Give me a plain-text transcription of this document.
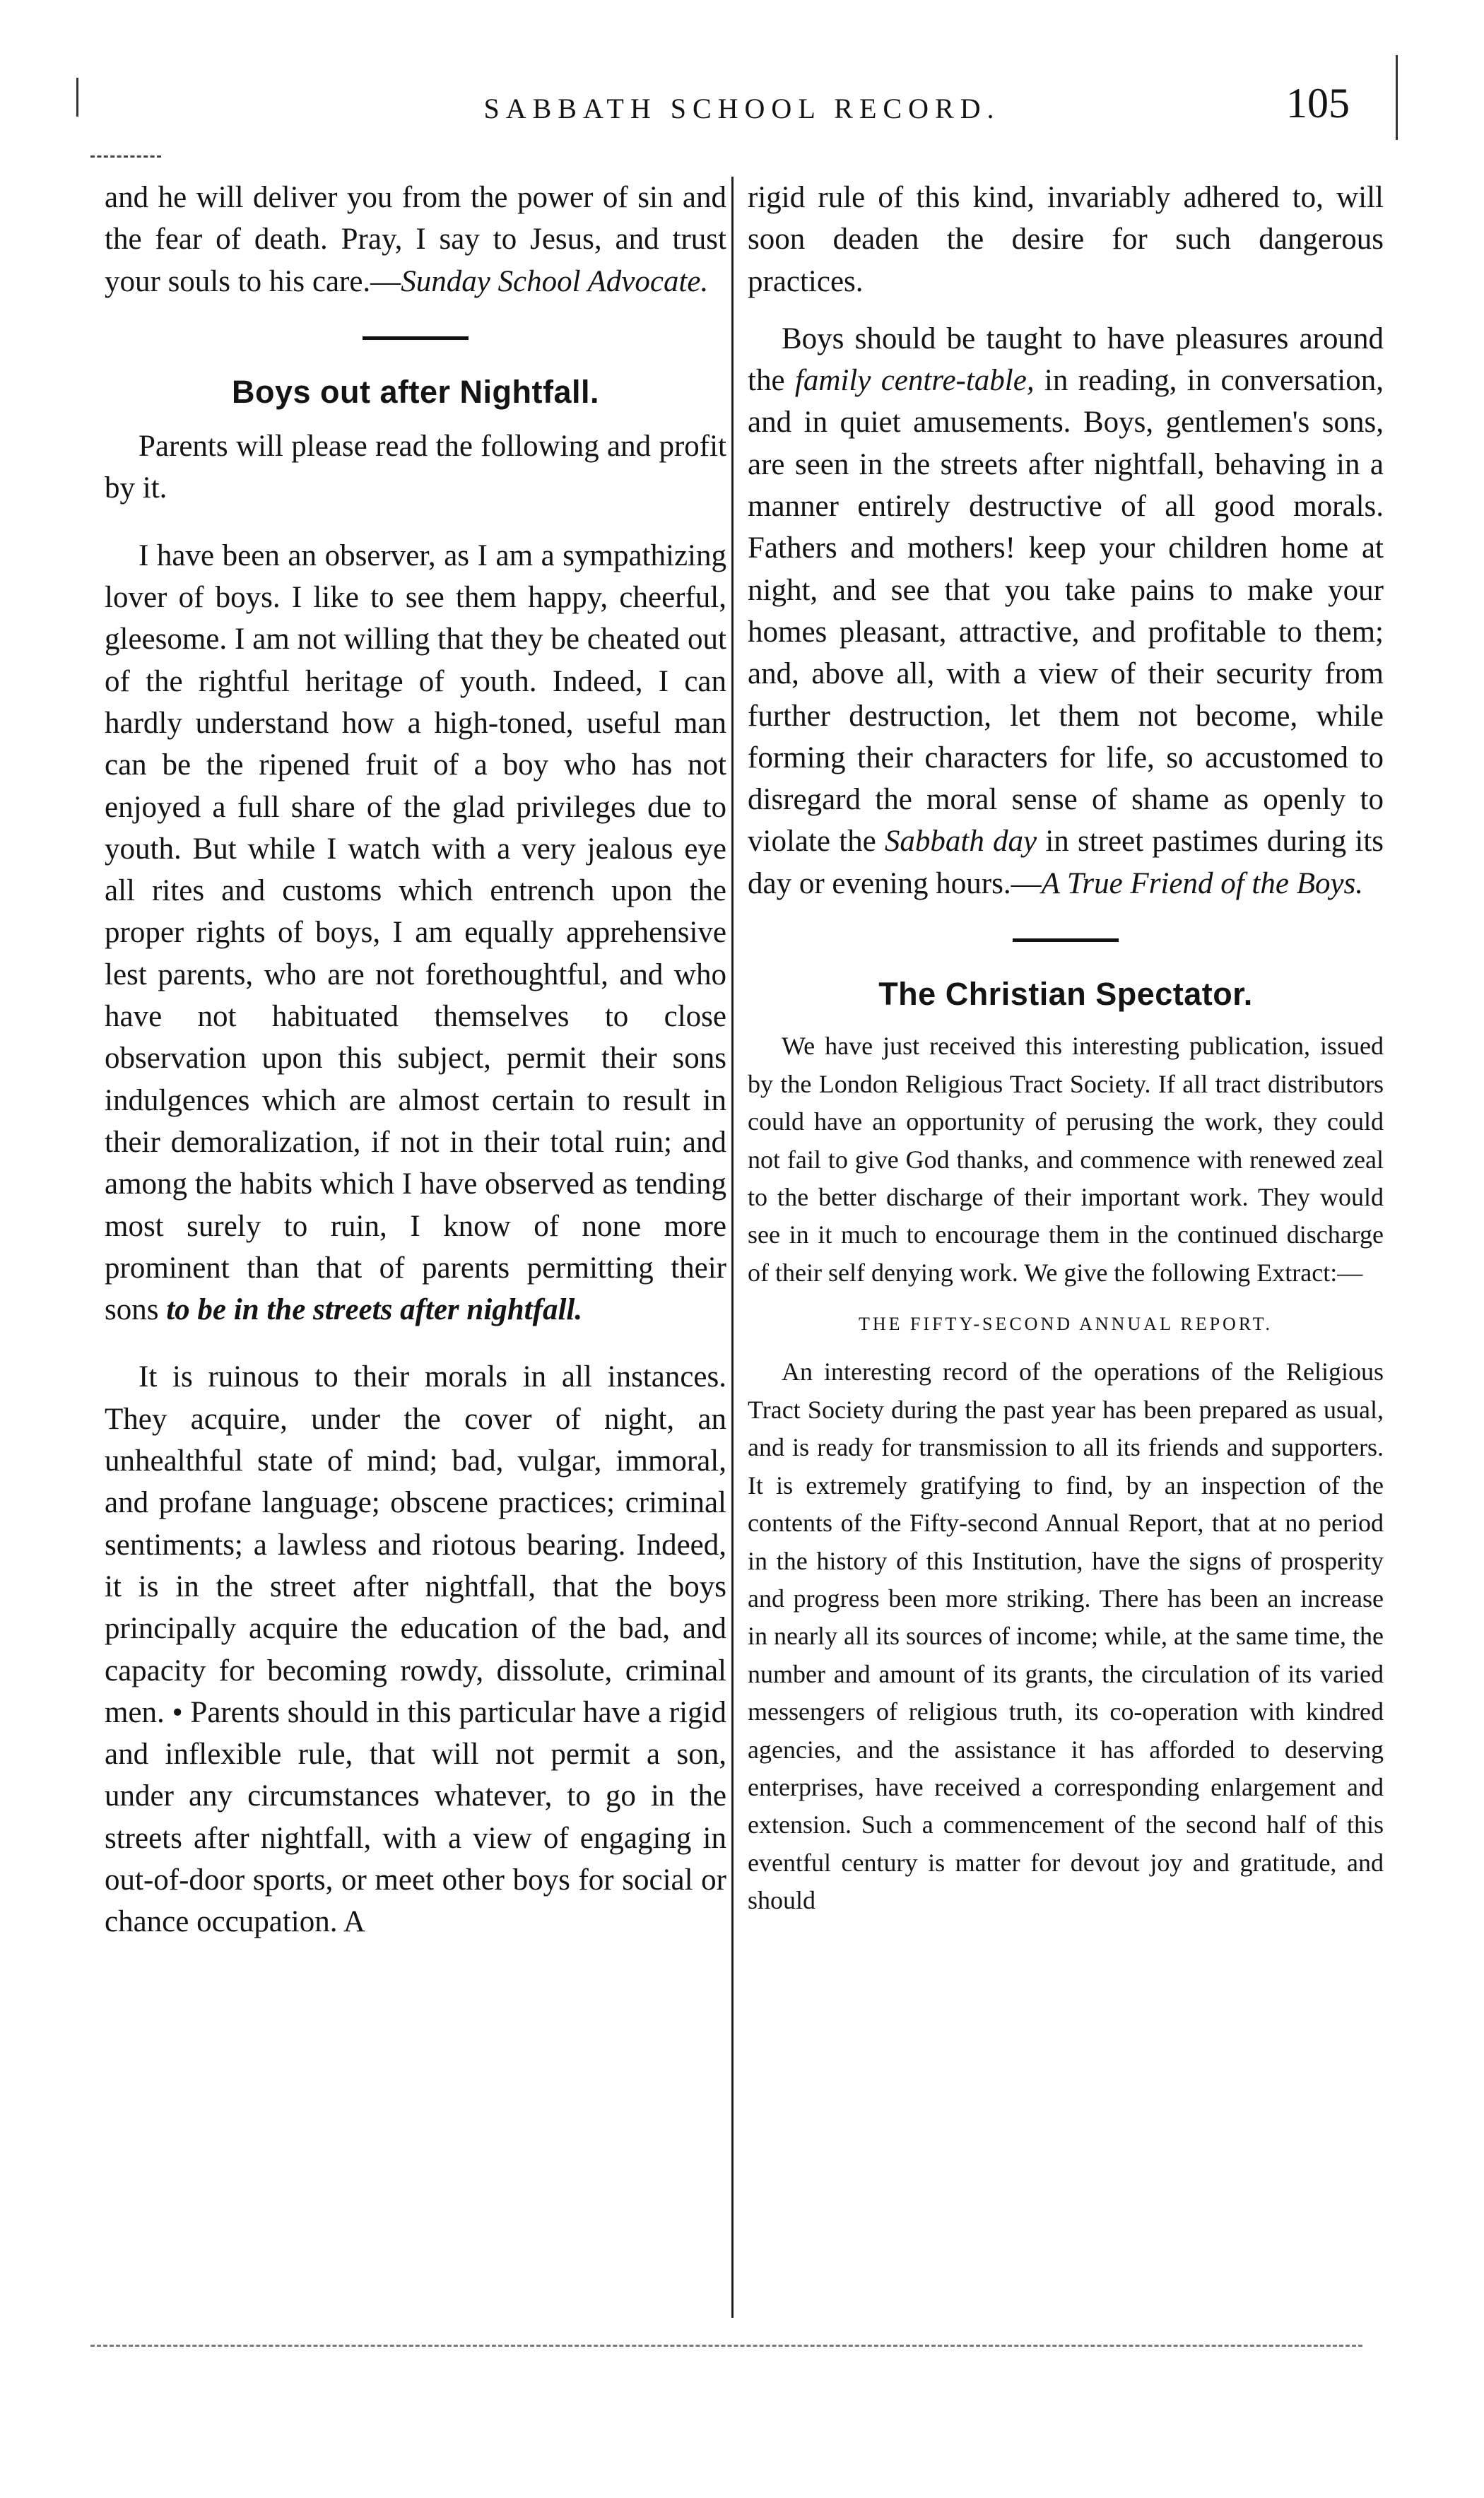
SABBATH SCHOOL RECORD.	105

and he will deliver you from the power of sin and the fear of death. Pray, I say to Jesus, and trust your souls to his care.—Sunday School Advocate.

Boys out after Nightfall.

Parents will please read the following and profit by it.

I have been an observer, as I am a sympathizing lover of boys. I like to see them happy, cheerful, gleesome. I am not willing that they be cheated out of the rightful heritage of youth. Indeed, I can hardly understand how a high-toned, useful man can be the ripened fruit of a boy who has not enjoyed a full share of the glad privileges due to youth. But while I watch with a very jealous eye all rites and customs which entrench upon the proper rights of boys, I am equally apprehensive lest parents, who are not forethoughtful, and who have not habituated themselves to close observation upon this subject, permit their sons indulgences which are almost certain to result in their demoralization, if not in their total ruin; and among the habits which I have observed as tending most surely to ruin, I know of none more prominent than that of parents permitting their sons to be in the streets after nightfall.

It is ruinous to their morals in all instances. They acquire, under the cover of night, an unhealthful state of mind; bad, vulgar, immoral, and profane language; obscene practices; criminal sentiments; a lawless and riotous bearing. Indeed, it is in the street after nightfall, that the boys principally acquire the education of the bad, and capacity for becoming rowdy, dissolute, criminal men. • Parents should in this particular have a rigid and inflexible rule, that will not permit a son, under any circumstances whatever, to go in the streets after nightfall, with a view of engaging in out-of-door sports, or meet other boys for social or chance occupation. A

rigid rule of this kind, invariably adhered to, will soon deaden the desire for such dangerous practices.

Boys should be taught to have pleasures around the family centre-table, in reading, in conversation, and in quiet amusements. Boys, gentlemen's sons, are seen in the streets after nightfall, behaving in a manner entirely destructive of all good morals. Fathers and mothers! keep your children home at night, and see that you take pains to make your homes pleasant, attractive, and profitable to them; and, above all, with a view of their security from further destruction, let them not become, while forming their characters for life, so accustomed to disregard the moral sense of shame as openly to violate the Sabbath day in street pastimes during its day or evening hours.—A True Friend of the Boys.

The Christian Spectator.

We have just received this interesting publication, issued by the London Religious Tract Society. If all tract distributors could have an opportunity of perusing the work, they could not fail to give God thanks, and commence with renewed zeal to the better discharge of their important work. They would see in it much to encourage them in the continued discharge of their self denying work. We give the following Extract:—

THE FIFTY-SECOND ANNUAL REPORT.

An interesting record of the operations of the Religious Tract Society during the past year has been prepared as usual, and is ready for transmission to all its friends and supporters. It is extremely gratifying to find, by an inspection of the contents of the Fifty-second Annual Report, that at no period in the history of this Institution, have the signs of prosperity and progress been more striking. There has been an increase in nearly all its sources of income; while, at the same time, the number and amount of its grants, the circulation of its varied messengers of religious truth, its co-operation with kindred agencies, and the assistance it has afforded to deserving enterprises, have received a corresponding enlargement and extension. Such a commencement of the second half of this eventful century is matter for devout joy and gratitude, and should
